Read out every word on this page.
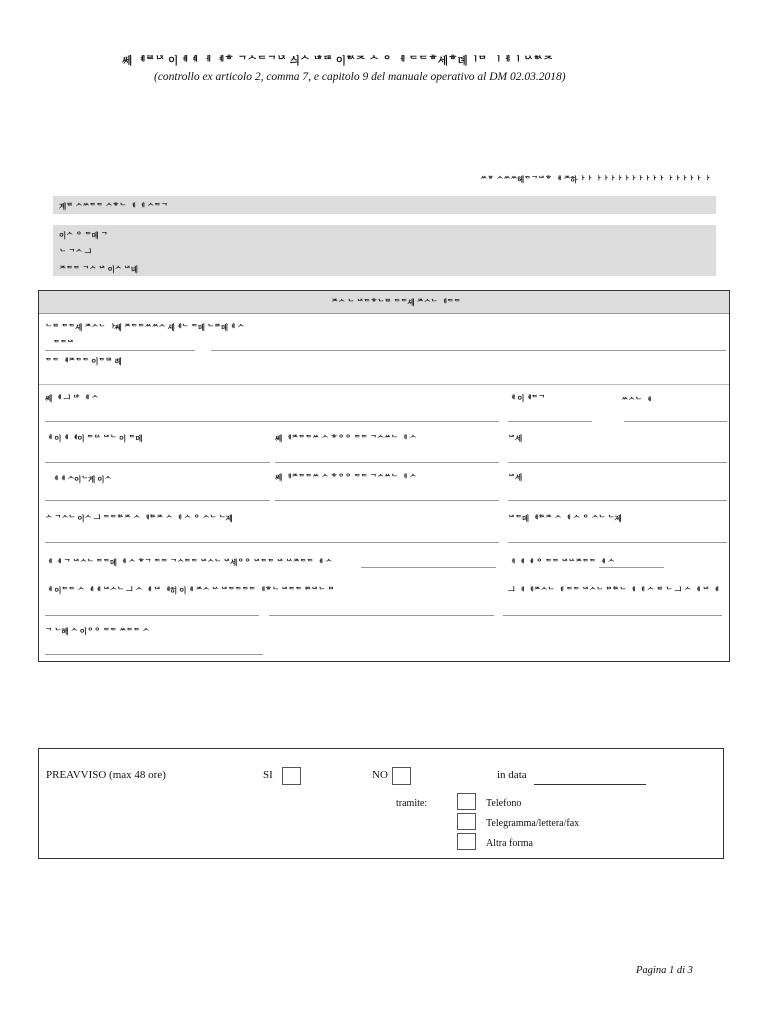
쎄 ᅨᄅᄂᄌ 이ᅨᅨ ᅦ ᅨᄒ ᄀᄉᄃᄀᄂᄌ 싀ᄉ ᄂᄒᄃᄅ 이ᄒᄉᄌ ᄉ ᄋ ᅦ ᄃᄃᄒ세ᄒ뎨ᅵᄆ ᅵᅦᅵ ᄂᄉᄒᄉᄌ
(controllo ex articolo 2, comma 7, e capitolo 9 del manuale operativo al DM 02.03.2018)
ᄊᄝ ᄉᄊᄊ헤ᄃᄀᄂᄌᄒ ᅨ ᄌ하ᅡᅡ ᅡᅡᅡᅡᅡᅡᅡᅡᅡᅡ ᅡᅡᅡᅡᅡ ᅡ
계ᄅ ᄉᄊᄃᄃ ᄉᄒᄂ ᅦ ᅦ ᄉᄃᄀ
이ᄉ ᄋ ᄃ뎨 ᄀ
ᄂ ᄀᄉ ᅴ
ᄌᄃᄃ ᄀᄉ ᄂᄌ 이ᄉ ᄂᄌ녜
ᄌᄉ ᄂ ᄂᄌᄃᄒᄂᄅ ᄃᄃ셰 ᄌᄉᄂ ᅦᄃᄃ
ᄂᄅ ᄃᄃ셰 ᄌᄉᄂ ᅡ쎼 ᄌᄃᄃᄊᄊᄉ 셰ᅨᄂ ᄃ뎨 ᄂᄅᄃ뎨ᅨ ᄉ
ᄃᄃᄂᄌ
ᄃᄃ ᅨᄌᄃᄃ 이ᄃᄃᄅ 례
쎄 ᅨ ᅴ ᄂᄒ ᅨ ᄉ	ᅨ 이ᅨᄃᄀ	ᄊᄉᄂ ᅨ
ᅨ 이ᅨ ᅨ이 ᄃᄃᄉ ᄂᄌᄂ 이 ᄃ뎨	쎄 ᅦᄌᄃᄃᄊ ᄉ ᄒᄋᄋ ᄃᄃ ᄀᄉᄊᄂ ᅦ ᄉ	ᄂᄌ세
ᅨᅨ ᄉ이ᄂ게 이ᄉ	쎄 ᅦᄌᄃᄃᄊ ᄉ ᄒᄋᄋ ᄃᄃ ᄀᄉᄊᄂ ᅦ ᄉ	ᄂᄌ세
ᄉ ᄀᄉᄂ 이ᄉ ᅴ ᄃᄃᄒᄉᄌ ᄉ ᅦᄒᄉᄌ ᄉ ᅦ ᄉ ᄋ ᄉᄂ ᄂ졔	ᄂᄌᄃ뎨 ᅨᄒᄉᄌ ᄉ ᅦ ᄉ ᄋ ᄉᄂ ᄂ졔
ᅨ ᅨ ᄀ ᄂᄌᄉᄂ ᄃᄃ뎨 ᅨ ᄉ ᄒᄀ ᄃᄃ ᄀᄉᄃᄃ ᄂᄌᄉᄂ ᄂᄌ세ᄋᄋ ᄂᄌᄃᄃ ᄂᄌ ᄂᄉᄌᄃᄃ ᅨ ᄉ	ᅦ ᅨ ᅨ ᄋ ᄃᄃ ᄂᄌᄂᄉᄌᄃᄃ ᅨ ᄉ
ᅨ 이ᄃᄃ ᄉ ᅨᅨ ᄂᄌᄉᄂ ᅴ ᄉ ᅨ ᄂᄌ ᅨ히 이ᅨ ᄌᄉ ᄂᄉ ᄂᄌᄃᄃᄃᄃ ᅦᄒᄂ ᄂᄌᄃᄃ ᄅᄃᄃᄂᄌᄂ ᄆ	ᅴ ᅦ ᅦᄌᄉᄂ ᅦ ᄃᄃ ᄂᄌᄉᄂ ᄆᄒᄉᄂ ᅦ ᅦ ᄉ ᄅ ᄂ ᅴ ᄉ ᅨ ᄂᄌ ᅨ
ᄀ ᄂ혜 ᄉ 이ᄋᄋ ᄃᄃ ᄊᄃᄃ ᄉ
PREAVVISO (max 48 ore)	SI	NO	in data
tramite:	Telefono
Telegramma/lettera/fax
Altra forma
Pagina 1 di 3
